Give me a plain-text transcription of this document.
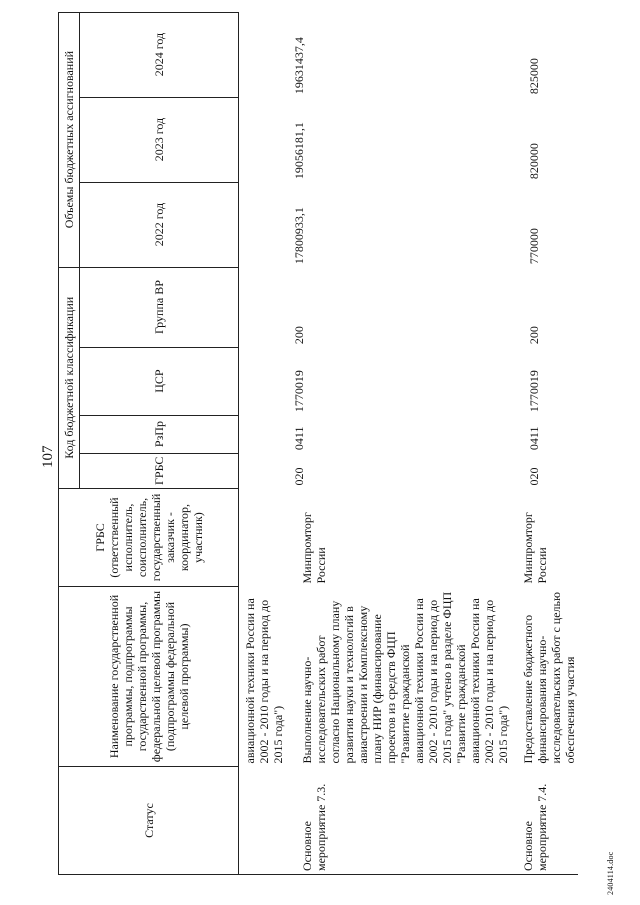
107
Статус	Наименование государственной программы, подпрограммы государственной программы, федеральной целевой программы (подпрограммы федеральной целевой программы)	ГРБС (ответственный исполнитель, соисполнитель, государственный заказчик - координатор, участник)	Код бюджетной классификации				Объемы бюджетных ассигнований		
			ГРБС	РзПр	ЦСР	Группа ВР	2022 год	2023 год	2024 год
	авиационной техники России на 2002 - 2010 годы и на период до 2015 года")								
Основное мероприятие 7.3.	Выполнение научно-исследовательских работ согласно Национальному плану развития науки и технологий в авиастроении и Комплексному плану НИР (финансирование проектов из средств ФЦП "Развитие гражданской авиационной техники России на 2002 - 2010 годы и на период до 2015 года" учтено в разделе ФЦП "Развитие гражданской авиационной техники России на 2002 - 2010 годы и на период до 2015 года")	Минпромторг России	020	0411	1770019	200	17800933,1	19056181,1	19631437,4
Основное мероприятие 7.4.	Предоставление бюджетного финансирования научно-исследовательских работ с целью обеспечения участия	Минпромторг России	020	0411	1770019	200	770000	820000	825000
2404114.doc
